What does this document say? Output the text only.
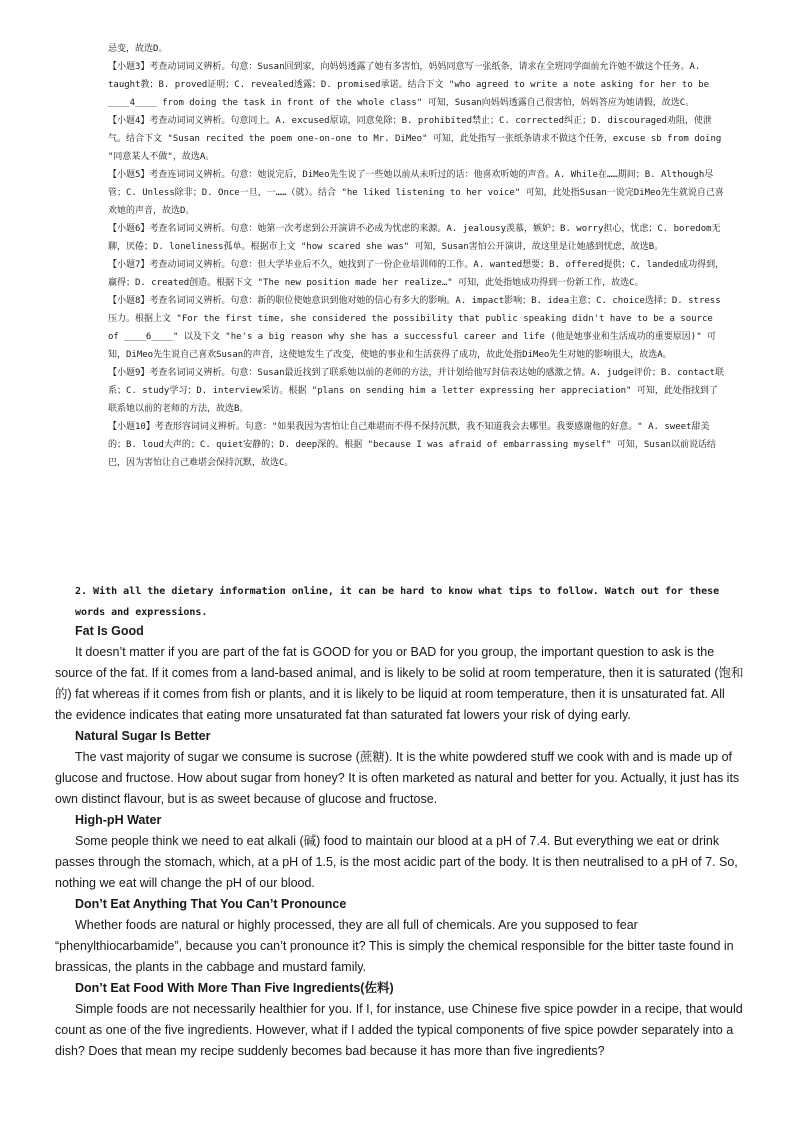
忌变，故选D。

【小题3】考查动词词义辨析。句意：Susan回到家，向妈妈透露了她有多害怕，妈妈同意写一张纸条，请求在全班同学面前允许她不做这个任务。A. taught教；B. proved证明；C. revealed透露；D. promised承诺。结合下文 "who agreed to write a note asking for her to be ____4____ from doing the task in front of the whole class" 可知，Susan向妈妈透露自己很害怕，妈妈答应为她请假，故选C。

【小题4】考查动词词义辨析。句意同上。A. excused原谅，同意免除；B. prohibited禁止；C. corrected纠正；D. discouraged劝阻，使泄气。结合下文 "Susan recited the poem one-on-one to Mr. DiMeo" 可知，此处指写一张纸条请求不做这个任务，excuse sb from doing "同意某人不做"，故选A。

【小题5】考查连词词义辨析。句意：她说完后，DiMeo先生说了一些她以前从未听过的话：他喜欢听她的声音。A. While在……期间；B. Although尽管；C. Unless除非；D. Once一旦，一……（就）。结合 "he liked listening to her voice" 可知，此处指Susan一说完DiMeo先生就说自己喜欢她的声音，故选D。

【小题6】考查名词词义辨析。句意：她第一次考虑到公开演讲不必成为忧虑的来源。A. jealousy羡慕，嫉妒；B. worry担心，忧虑；C. boredom无聊，厌倦；D. loneliness孤单。根据市上文 "how scared she was" 可知，Susan害怕公开演讲，故这里是让她感到忧虑，故选B。

【小题7】考查动词词义辨析。句意：但大学毕业后不久，她找到了一份企业培训师的工作。A. wanted想要；B. offered提供；C. landed成功得到，赢得；D. created创造。根据下文 "The new position made her realize…" 可知，此处指她成功得到一份新工作，故选C。

【小题8】考查名词词义辨析。句意：新的职位使她意识到他对她的信心有多大的影响。A. impact影响；B. idea主意；C. choice选择；D. stress压力。根据上文 "For the first time, she considered the possibility that public speaking didn't have to be a source of ____6____" 以及下文 "he's a big reason why she has a successful career and life (他是她事业和生活成功的重要原因)" 可知，DiMeo先生说自己喜欢Susan的声音，这使她发生了改变，使她的事业和生活获得了成功，故此处指DiMeo先生对她的影响很大，故选A。

【小题9】考查名词词义辨析。句意：Susan最近找到了联系她以前的老师的方法，并计划给他写封信表达她的感激之情。A. judge评价；B. contact联系；C. study学习；D. interview采访。根据 "plans on sending him a letter expressing her appreciation" 可知，此处指找到了联系她以前的老师的方法，故选B。

【小题10】考查形容词词义辨析。句意："如果我因为害怕让自己难堪而不得不保持沉默，我不知道我会去哪里。我要感谢他的好意。" A. sweet甜美的；B. loud大声的；C. quiet安静的；D. deep深的。根据 "because I was afraid of embarrassing myself" 可知，Susan以前说话结巴，因为害怕让自己难堪会保持沉默，故选C。

2. With all the dietary information online, it can be hard to know what tips to follow. Watch out for these words and expressions.
Fat Is Good

It doesn’t matter if you are part of the fat is GOOD for you or BAD for you group, the important question to ask is the source of the fat. If it comes from a land-based animal, and is likely to be solid at room temperature, then it is saturated (饱和的) fat whereas if it comes from fish or plants, and it is likely to be liquid at room temperature, then it is unsaturated fat. All the evidence indicates that eating more unsaturated fat than saturated fat lowers your risk of dying early.

Natural Sugar Is Better

The vast majority of sugar we consume is sucrose (蔗糖). It is the white powdered stuff we cook with and is made up of glucose and fructose. How about sugar from honey? It is often marketed as natural and better for you. Actually, it just has its own distinct flavour, but is as sweet because of glucose and fructose.

High-pH Water

Some people think we need to eat alkali (碱) food to maintain our blood at a pH of 7.4. But everything we eat or drink passes through the stomach, which, at a pH of 1.5, is the most acidic part of the body. It is then neutralised to a pH of 7. So, nothing we eat will change the pH of our blood.

Don’t Eat Anything That You Can’t Pronounce

Whether foods are natural or highly processed, they are all full of chemicals. Are you supposed to fear “phenylthiocarbamide”, because you can’t pronounce it? This is simply the chemical responsible for the bitter taste found in brassicas, the plants in the cabbage and mustard family.

Don’t Eat Food With More Than Five Ingredients(佐料)

Simple foods are not necessarily healthier for you. If I, for instance, use Chinese five spice powder in a recipe, that would count as one of the five ingredients. However, what if I added the typical components of five spice powder separately into a dish? Does that mean my recipe suddenly becomes bad because it has more than five ingredients?
